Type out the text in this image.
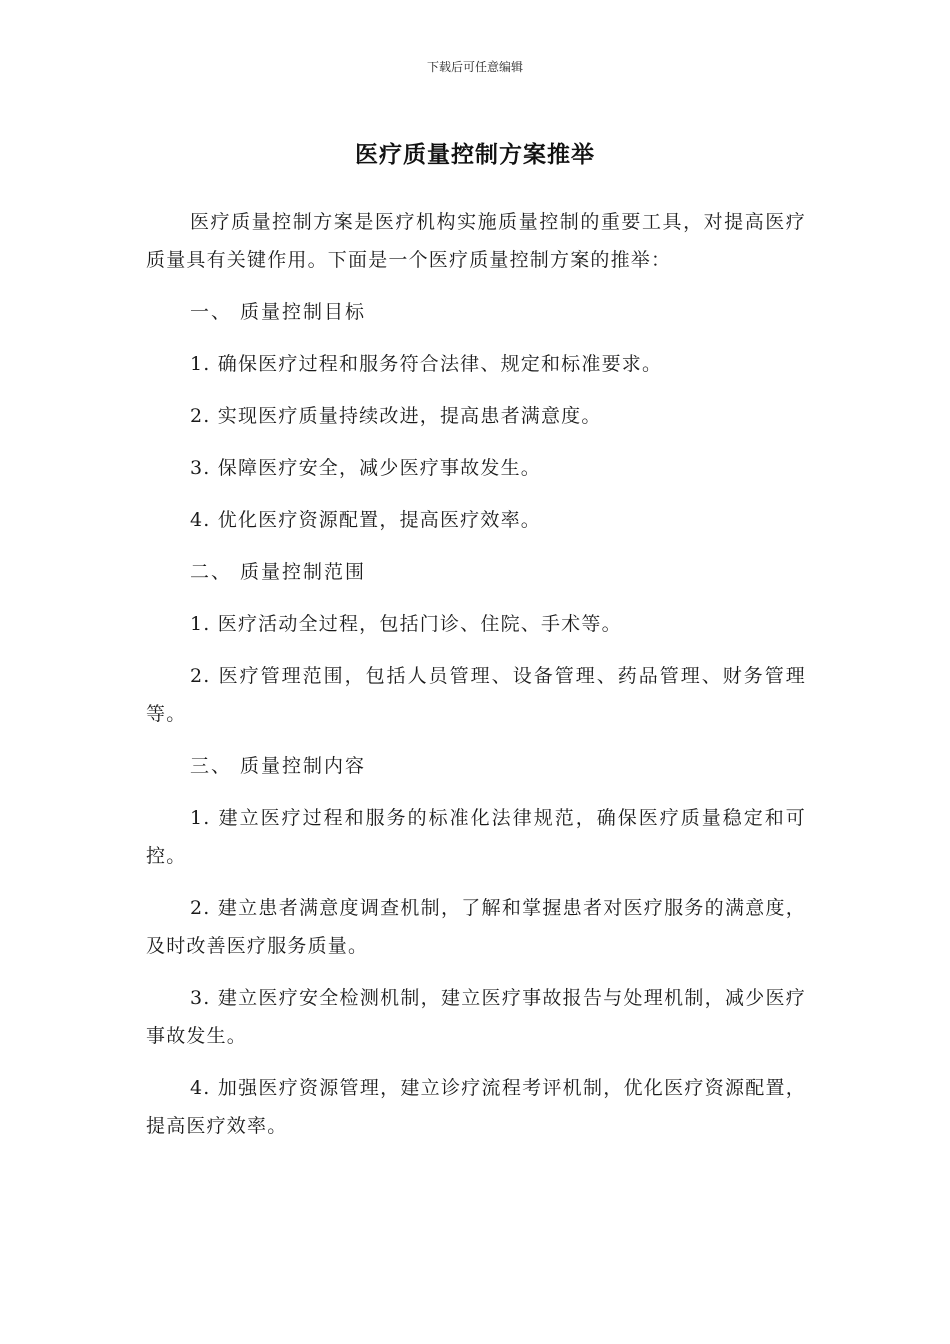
下载后可任意编辑
医疗质量控制方案推举

医疗质量控制方案是医疗机构实施质量控制的重要工具，对提高医疗质量具有关键作用。下面是一个医疗质量控制方案的推举：

一、 质量控制目标

1. 确保医疗过程和服务符合法律、规定和标准要求。

2. 实现医疗质量持续改进，提高患者满意度。

3. 保障医疗安全，减少医疗事故发生。

4. 优化医疗资源配置，提高医疗效率。

二、 质量控制范围

1. 医疗活动全过程，包括门诊、住院、手术等。

2. 医疗管理范围，包括人员管理、设备管理、药品管理、财务管理等。

三、 质量控制内容

1. 建立医疗过程和服务的标准化法律规范，确保医疗质量稳定和可控。

2. 建立患者满意度调查机制，了解和掌握患者对医疗服务的满意度，及时改善医疗服务质量。

3. 建立医疗安全检测机制，建立医疗事故报告与处理机制，减少医疗事故发生。

4. 加强医疗资源管理，建立诊疗流程考评机制，优化医疗资源配置，提高医疗效率。
